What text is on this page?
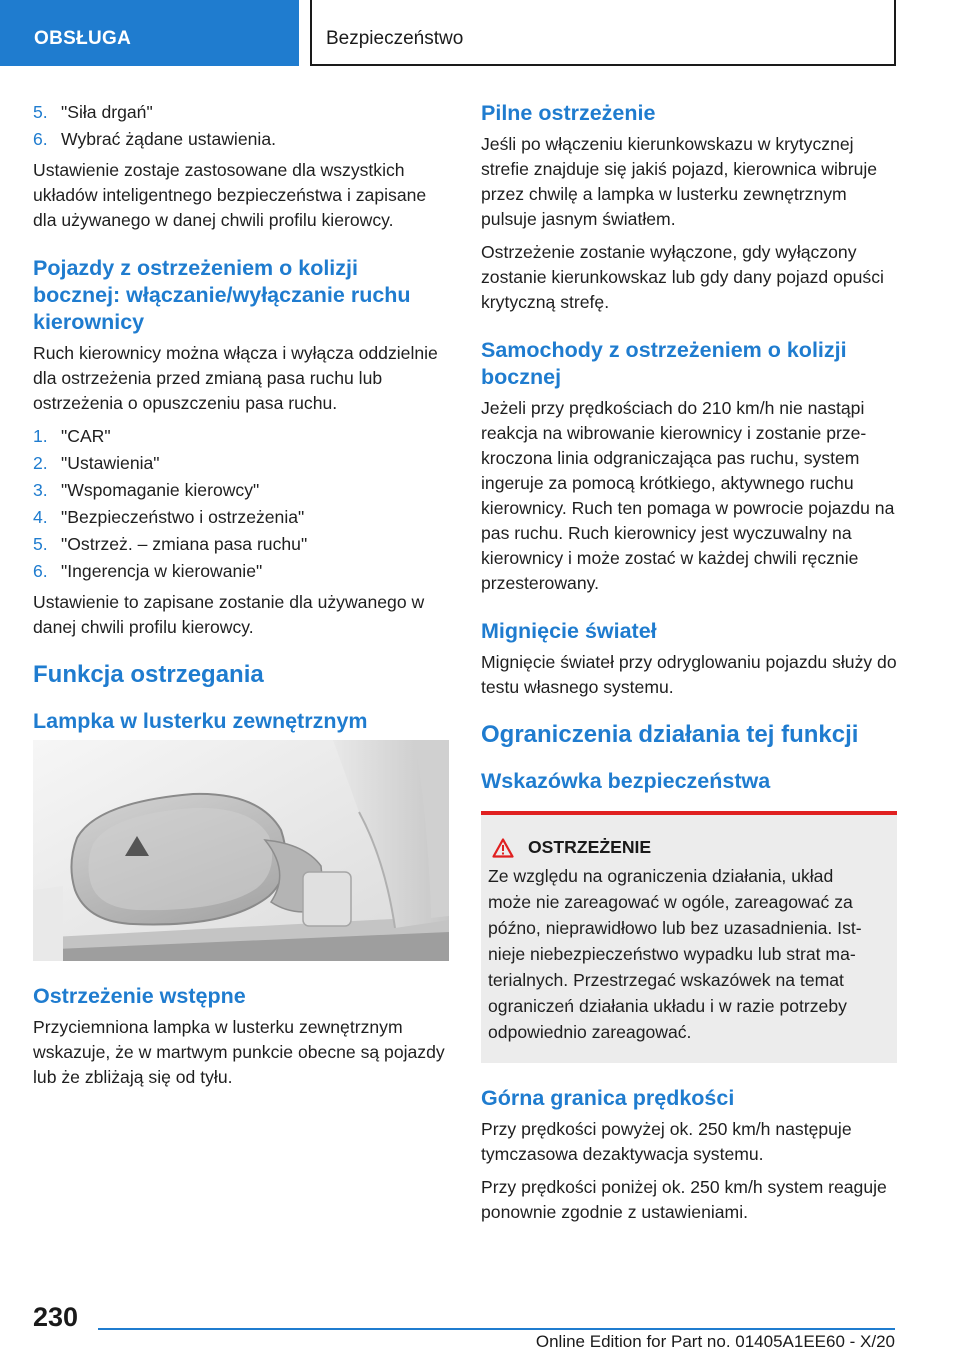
OBSŁUGA	Bezpieczeństwo
5. "Siła drgań"
6. Wybrać żądane ustawienia.

Ustawienie zostaje zastosowane dla wszystkich układów inteligentnego bezpieczeństwa i zapisane dla używanego w danej chwili profilu kierowcy.

Pojazdy z ostrzeżeniem o kolizji bocznej: włączanie/wyłączanie ruchu kierownicy

Ruch kierownicy można włącza i wyłącza oddzielnie dla ostrzeżenia przed zmianą pasa ruchu lub ostrzeżenia o opuszczeniu pasa ruchu.

1. "CAR"
2. "Ustawienia"
3. "Wspomaganie kierowcy"
4. "Bezpieczeństwo i ostrzeżenia"
5. "Ostrzeż. – zmiana pasa ruchu"
6. "Ingerencja w kierowanie"

Ustawienie to zapisane zostanie dla używanego w danej chwili profilu kierowcy.

Funkcja ostrzegania
Lampka w lusterku zewnętrznym
Ostrzeżenie wstępne

Przyciemniona lampka w lusterku zewnętrznym wskazuje, że w martwym punkcie obecne są pojazdy lub że zbliżają się od tyłu.

Pilne ostrzeżenie

Jeśli po włączeniu kierunkowskazu w krytycznej strefie znajduje się jakiś pojazd, kierownica wibruje przez chwilę a lampka w lusterku zewnętrznym pulsuje jasnym światłem.

Ostrzeżenie zostanie wyłączone, gdy wyłączony zostanie kierunkowskaz lub gdy dany pojazd opuści krytyczną strefę.

Samochody z ostrzeżeniem o kolizji bocznej

Jeżeli przy prędkościach do 210 km/h nie nastąpi reakcja na wibrowanie kierownicy i zostanie przekroczona linia odgraniczająca pas ruchu, system ingeruje za pomocą krótkiego, aktywnego ruchu kierownicy. Ruch ten pomaga w powrocie pojazdu na pas ruchu. Ruch kierownicy jest wyczuwalny na kierownicy i może zostać w każdej chwili ręcznie przesterowany.

Mignięcie świateł

Mignięcie świateł przy odryglowaniu pojazdu służy do testu własnego systemu.

Ograniczenia działania tej funkcji
Wskazówka bezpieczeństwa
OSTRZEŻENIE

Ze względu na ograniczenia działania, układ może nie zareagować w ogóle, zareagować za późno, nieprawidłowo lub bez uzasadnienia. Istnieje niebezpieczeństwo wypadku lub strat materialnych. Przestrzegać wskazówek na temat ograniczeń działania układu i w razie potrzeby odpowiednio zareagować.

Górna granica prędkości

Przy prędkości powyżej ok. 250 km/h następuje tymczasowa dezaktywacja systemu.

Przy prędkości poniżej ok. 250 km/h system reaguje ponownie zgodnie z ustawieniami.

230
Online Edition for Part no. 01405A1EE60 - X/20
